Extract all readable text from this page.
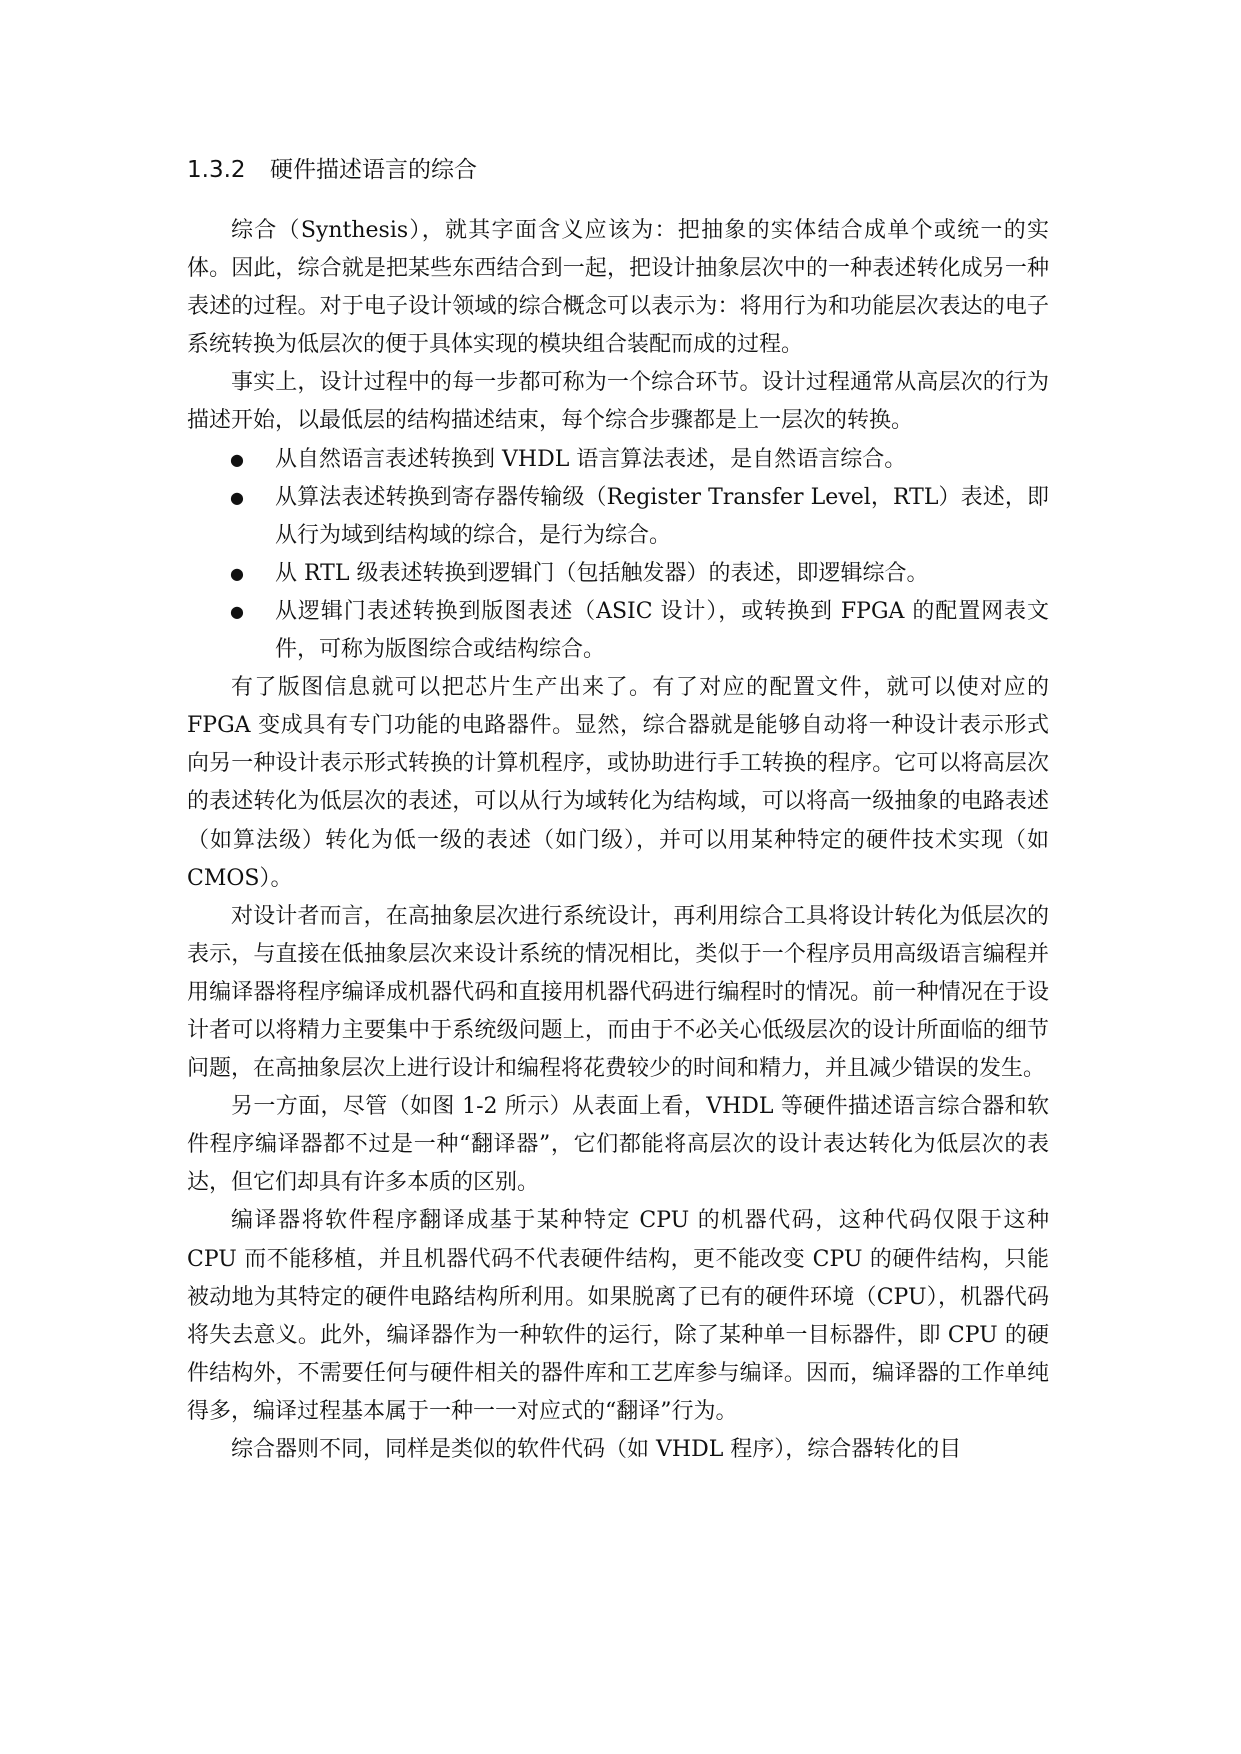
1.3.2 硬件描述语言的综合

综合（Synthesis），就其字面含义应该为：把抽象的实体结合成单个或统一的实体。因此，综合就是把某些东西结合到一起，把设计抽象层次中的一种表述转化成另一种表述的过程。对于电子设计领域的综合概念可以表示为：将用行为和功能层次表达的电子系统转换为低层次的便于具体实现的模块组合装配而成的过程。

事实上，设计过程中的每一步都可称为一个综合环节。设计过程通常从高层次的行为描述开始，以最低层的结构描述结束，每个综合步骤都是上一层次的转换。

● 从自然语言表述转换到 VHDL 语言算法表述，是自然语言综合。
● 从算法表述转换到寄存器传输级（Register Transfer Level，RTL）表述，即从行为域到结构域的综合，是行为综合。
● 从 RTL 级表述转换到逻辑门（包括触发器）的表述，即逻辑综合。
● 从逻辑门表述转换到版图表述（ASIC 设计），或转换到 FPGA 的配置网表文件，可称为版图综合或结构综合。

有了版图信息就可以把芯片生产出来了。有了对应的配置文件，就可以使对应的 FPGA 变成具有专门功能的电路器件。显然，综合器就是能够自动将一种设计表示形式向另一种设计表示形式转换的计算机程序，或协助进行手工转换的程序。它可以将高层次的表述转化为低层次的表述，可以从行为域转化为结构域，可以将高一级抽象的电路表述（如算法级）转化为低一级的表述（如门级），并可以用某种特定的硬件技术实现（如 CMOS）。

对设计者而言，在高抽象层次进行系统设计，再利用综合工具将设计转化为低层次的表示，与直接在低抽象层次来设计系统的情况相比，类似于一个程序员用高级语言编程并用编译器将程序编译成机器代码和直接用机器代码进行编程时的情况。前一种情况在于设计者可以将精力主要集中于系统级问题上，而由于不必关心低级层次的设计所面临的细节问题，在高抽象层次上进行设计和编程将花费较少的时间和精力，并且减少错误的发生。

另一方面，尽管（如图 1-2 所示）从表面上看，VHDL 等硬件描述语言综合器和软件程序编译器都不过是一种“翻译器”，它们都能将高层次的设计表达转化为低层次的表达，但它们却具有许多本质的区别。

编译器将软件程序翻译成基于某种特定 CPU 的机器代码，这种代码仅限于这种 CPU 而不能移植，并且机器代码不代表硬件结构，更不能改变 CPU 的硬件结构，只能被动地为其特定的硬件电路结构所利用。如果脱离了已有的硬件环境（CPU），机器代码将失去意义。此外，编译器作为一种软件的运行，除了某种单一目标器件，即 CPU 的硬件结构外，不需要任何与硬件相关的器件库和工艺库参与编译。因而，编译器的工作单纯得多，编译过程基本属于一种一一对应式的“翻译”行为。

综合器则不同，同样是类似的软件代码（如 VHDL 程序），综合器转化的目
